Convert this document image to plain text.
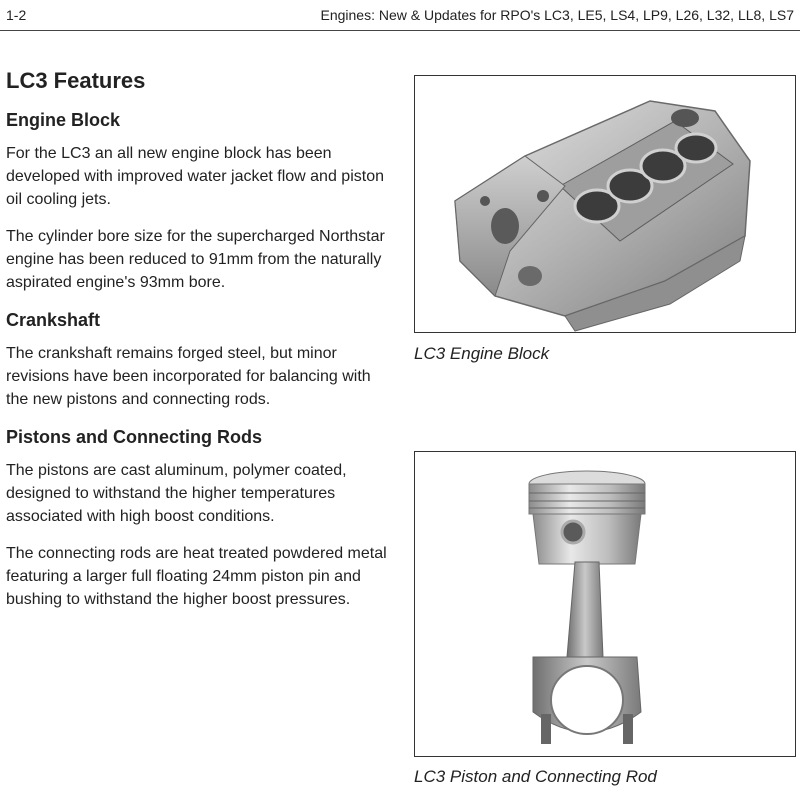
1-2	Engines: New & Updates for RPO's LC3, LE5, LS4, LP9, L26, L32, LL8, LS7
LC3 Features
Engine Block

For the LC3 an all new engine block has been developed with improved water jacket flow and piston oil cooling jets.

The cylinder bore size for the supercharged Northstar engine has been reduced to 91mm from the naturally aspirated engine's 93mm bore.

Crankshaft

The crankshaft remains forged steel, but minor revisions have been incorporated for balancing with the new pistons and connecting rods.

Pistons and Connecting Rods

The pistons are cast aluminum, polymer coated, designed to withstand the higher temperatures associated with high boost conditions.

The connecting rods are heat treated powdered metal featuring a larger full floating 24mm piston pin and bushing to withstand the higher boost pressures.

LC3 Engine Block
LC3 Piston and Connecting Rod
